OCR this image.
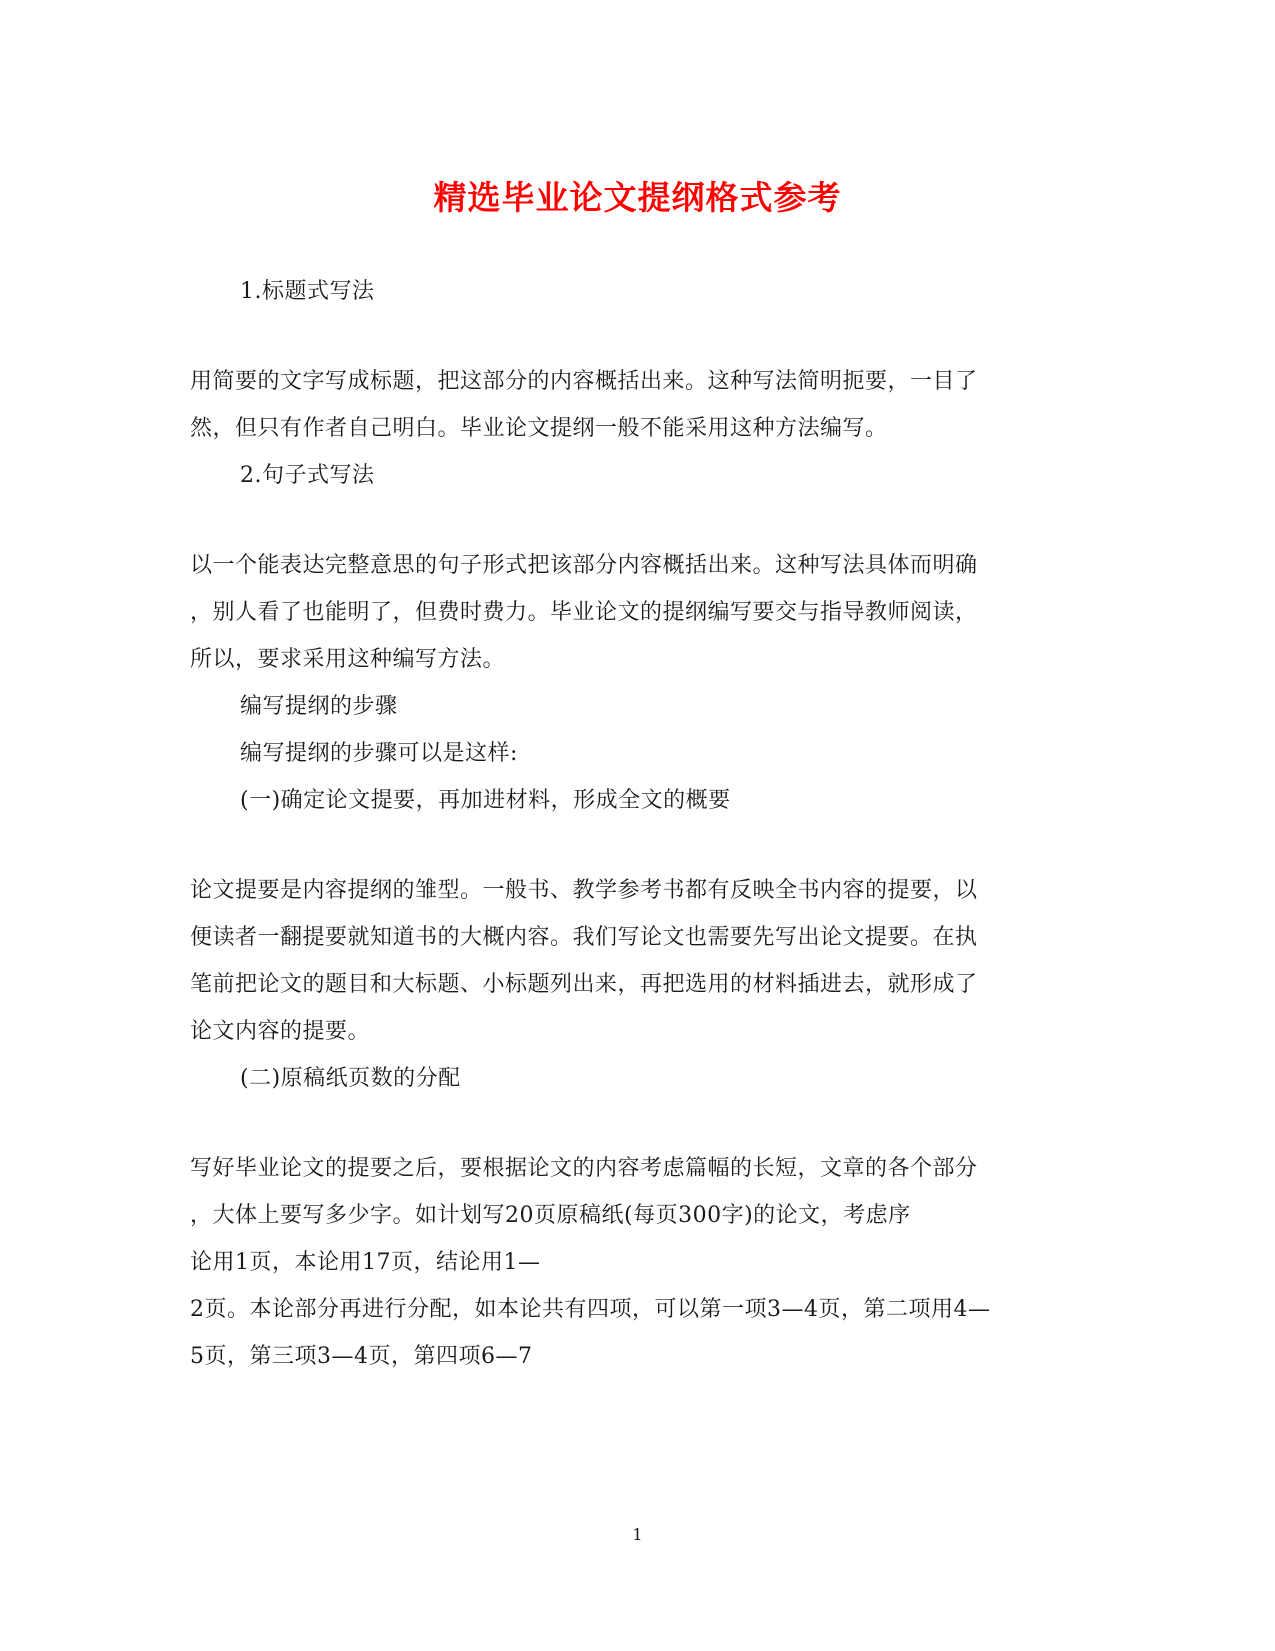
精选毕业论文提纲格式参考

1.标题式写法

用简要的文字写成标题，把这部分的内容概括出来。这种写法简明扼要，一目了

然，但只有作者自己明白。毕业论文提纲一般不能采用这种方法编写。

2.句子式写法

以一个能表达完整意思的句子形式把该部分内容概括出来。这种写法具体而明确

，别人看了也能明了，但费时费力。毕业论文的提纲编写要交与指导教师阅读，

所以，要求采用这种编写方法。

编写提纲的步骤

编写提纲的步骤可以是这样:

(一)确定论文提要，再加进材料，形成全文的概要

论文提要是内容提纲的雏型。一般书、教学参考书都有反映全书内容的提要，以

便读者一翻提要就知道书的大概内容。我们写论文也需要先写出论文提要。在执

笔前把论文的题目和大标题、小标题列出来，再把选用的材料插进去，就形成了

论文内容的提要。

(二)原稿纸页数的分配

写好毕业论文的提要之后，要根据论文的内容考虑篇幅的长短，文章的各个部分

，大体上要写多少字。如计划写20页原稿纸(每页300字)的论文，考虑序

论用1页，本论用17页，结论用1—

2页。本论部分再进行分配，如本论共有四项，可以第一项3—4页，第二项用4—

5页，第三项3—4页，第四项6—7

1
